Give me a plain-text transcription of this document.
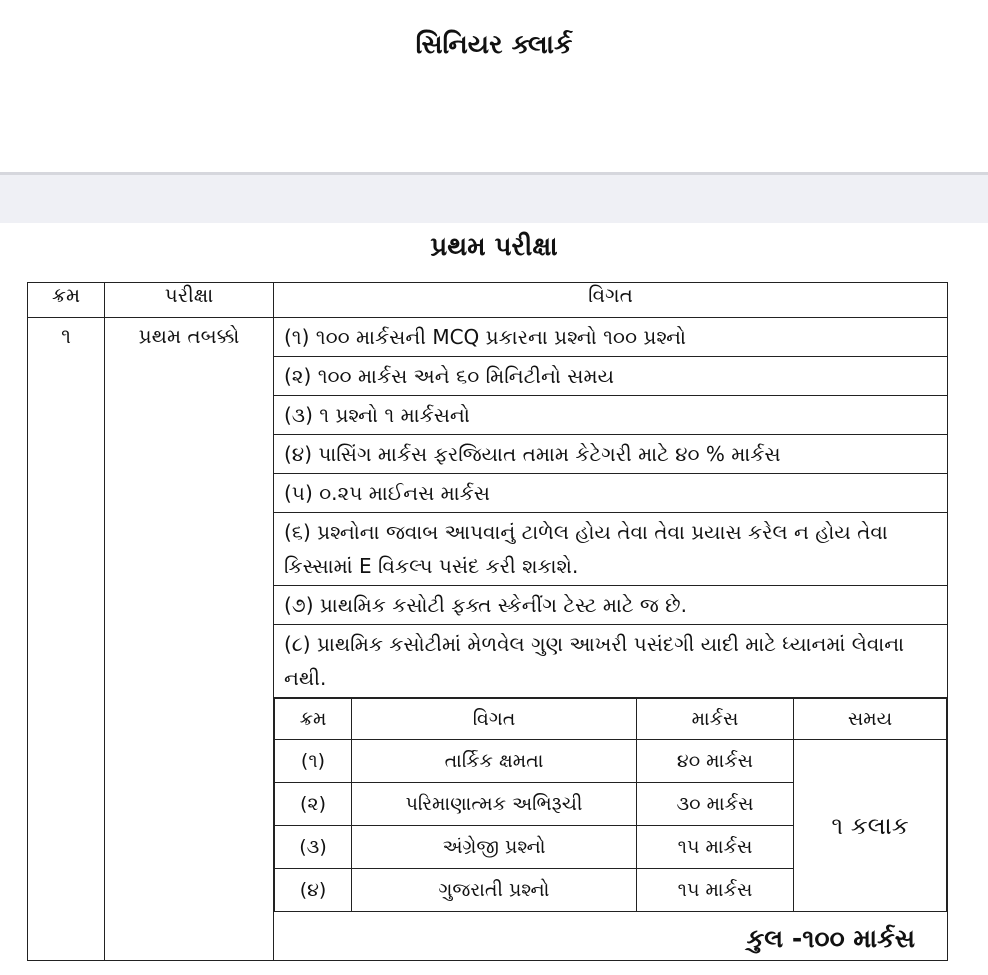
સિનિયર ક્લાર્ક
પ્રથમ પરીક્ષા
ક્રમ	પરીક્ષા	વિગત

૧	પ્રથમ તબક્કો
		(૧) ૧૦૦ માર્કસની MCQ પ્રકારના પ્રશ્નો ૧૦૦ પ્રશ્નો
(૨) ૧૦૦ માર્કસ અને ૬૦ મિનિટીનો સમય
(૩) ૧ પ્રશ્નો ૧ માર્કસનો
(૪) પાસિંગ માર્કસ ફરજિયાત તમામ કેટેગરી માટે ૪૦ % માર્કસ
(૫) ૦.૨૫ માઈનસ માર્કસ
(૬) પ્રશ્નોના જવાબ આપવાનું ટાળેલ હોય તેવા તેવા પ્રયાસ કરેલ ન હોય તેવા કિસ્સામાં E વિકલ્પ પસંદ કરી શકાશે.
(૭) પ્રાથમિક કસોટી ફક્ત સ્કેનીંગ ટેસ્ટ માટે જ છે.
(૮) પ્રાથમિક કસોટીમાં મેળવેલ ગુણ આખરી પસંદગી યાદી માટે ધ્યાનમાં લેવાના નથી.
ક્રમ	વિગત	માર્કસ	સમય
(૧)	તાર્કિક ક્ષમતા	૪૦ માર્કસ	૧ કલાક
(૨)	પરિમાણાત્મક અભિરૂચી	૩૦ માર્કસ
(૩)	અંગ્રેજી પ્રશ્નો	૧૫ માર્કસ
(૪)	ગુજરાતી પ્રશ્નો	૧૫ માર્કસ
કુલ -૧૦૦ માર્કસ
